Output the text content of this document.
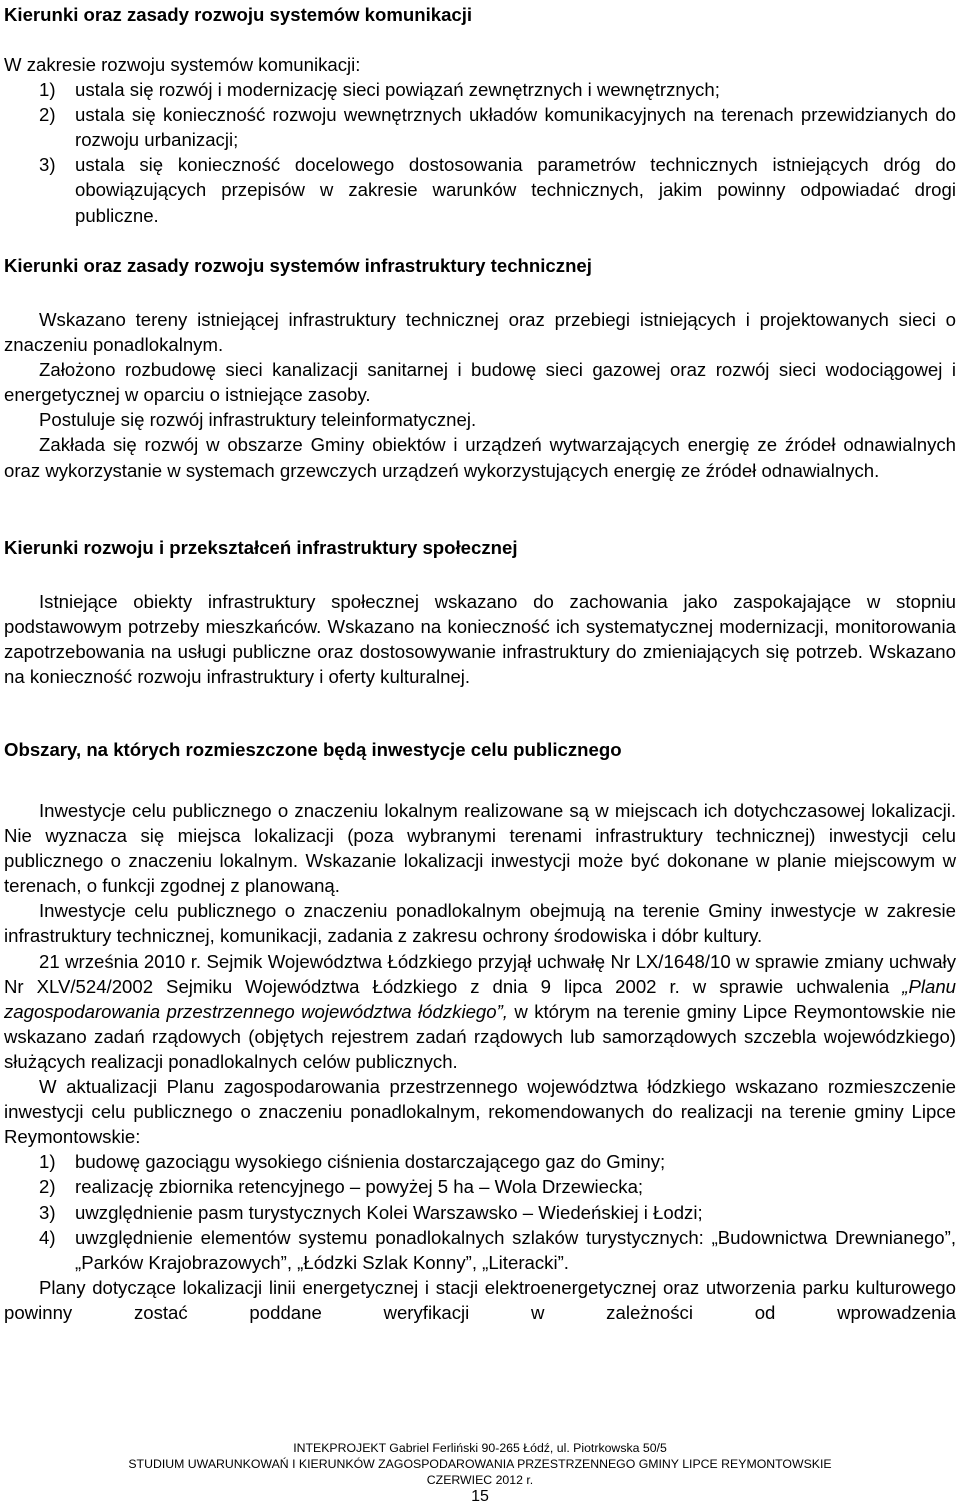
Kierunki oraz zasady rozwoju systemów komunikacji

W zakresie rozwoju systemów komunikacji:

1) ustala się rozwój i modernizację sieci powiązań zewnętrznych i wewnętrznych;
2) ustala się konieczność rozwoju wewnętrznych układów komunikacyjnych na terenach przewidzianych do rozwoju urbanizacji;
3) ustala się konieczność docelowego dostosowania parametrów technicznych istniejących dróg do obowiązujących przepisów w zakresie warunków technicznych, jakim powinny odpowiadać drogi publiczne.
Kierunki oraz zasady rozwoju systemów infrastruktury technicznej

Wskazano tereny istniejącej infrastruktury technicznej oraz przebiegi istniejących i projektowanych sieci o znaczeniu ponadlokalnym.

Założono rozbudowę sieci kanalizacji sanitarnej i budowę sieci gazowej oraz rozwój sieci wodociągowej i energetycznej w oparciu o istniejące zasoby.

Postuluje się rozwój infrastruktury teleinformatycznej.

Zakłada się rozwój w obszarze Gminy obiektów i urządzeń wytwarzających energię ze źródeł odnawialnych oraz wykorzystanie w systemach grzewczych urządzeń wykorzystujących energię ze źródeł odnawialnych.

Kierunki rozwoju i przekształceń infrastruktury społecznej

Istniejące obiekty infrastruktury społecznej wskazano do zachowania jako zaspokajające w stopniu podstawowym potrzeby mieszkańców. Wskazano na konieczność ich systematycznej modernizacji, monitorowania zapotrzebowania na usługi publiczne oraz dostosowywanie infrastruktury do zmieniających się potrzeb. Wskazano na konieczność rozwoju infrastruktury i oferty kulturalnej.

Obszary, na których rozmieszczone będą inwestycje celu publicznego

Inwestycje celu publicznego o znaczeniu lokalnym realizowane są w miejscach ich dotychczasowej lokalizacji. Nie wyznacza się miejsca lokalizacji (poza wybranymi terenami infrastruktury technicznej) inwestycji celu publicznego o znaczeniu lokalnym. Wskazanie lokalizacji inwestycji może być dokonane w planie miejscowym w terenach, o funkcji zgodnej z planowaną.

Inwestycje celu publicznego o znaczeniu ponadlokalnym obejmują na terenie Gminy inwestycje w zakresie infrastruktury technicznej, komunikacji, zadania z zakresu ochrony środowiska i dóbr kultury.

21 września 2010 r. Sejmik Województwa Łódzkiego przyjął uchwałę Nr LX/1648/10 w sprawie zmiany uchwały Nr XLV/524/2002 Sejmiku Województwa Łódzkiego z dnia 9 lipca 2002 r. w sprawie uchwalenia „Planu zagospodarowania przestrzennego województwa łódzkiego”, w którym na terenie gminy Lipce Reymontowskie nie wskazano zadań rządowych (objętych rejestrem zadań rządowych lub samorządowych szczebla wojewódzkiego) służących realizacji ponadlokalnych celów publicznych.

W aktualizacji Planu zagospodarowania przestrzennego województwa łódzkiego wskazano rozmieszczenie inwestycji celu publicznego o znaczeniu ponadlokalnym, rekomendowanych do realizacji na terenie gminy Lipce Reymontowskie:

1) budowę gazociągu wysokiego ciśnienia dostarczającego gaz do Gminy;
2) realizację zbiornika retencyjnego – powyżej 5 ha – Wola Drzewiecka;
3) uwzględnienie pasm turystycznych Kolei Warszawsko – Wiedeńskiej i Łodzi;
4) uwzględnienie elementów systemu ponadlokalnych szlaków turystycznych: „Budownictwa Drewnianego”, „Parków Krajobrazowych”, „Łódzki Szlak Konny”, „Literacki”.

Plany dotyczące lokalizacji linii energetycznej i stacji elektroenergetycznej oraz utworzenia parku kulturowego powinny zostać poddane weryfikacji w zależności od wprowadzenia

INTEKPROJEKT Gabriel Ferliński 90-265 Łódź, ul. Piotrkowska 50/5
STUDIUM UWARUNKOWAŃ I KIERUNKÓW ZAGOSPODAROWANIA PRZESTRZENNEGO GMINY LIPCE REYMONTOWSKIE
CZERWIEC 2012 r.
15
